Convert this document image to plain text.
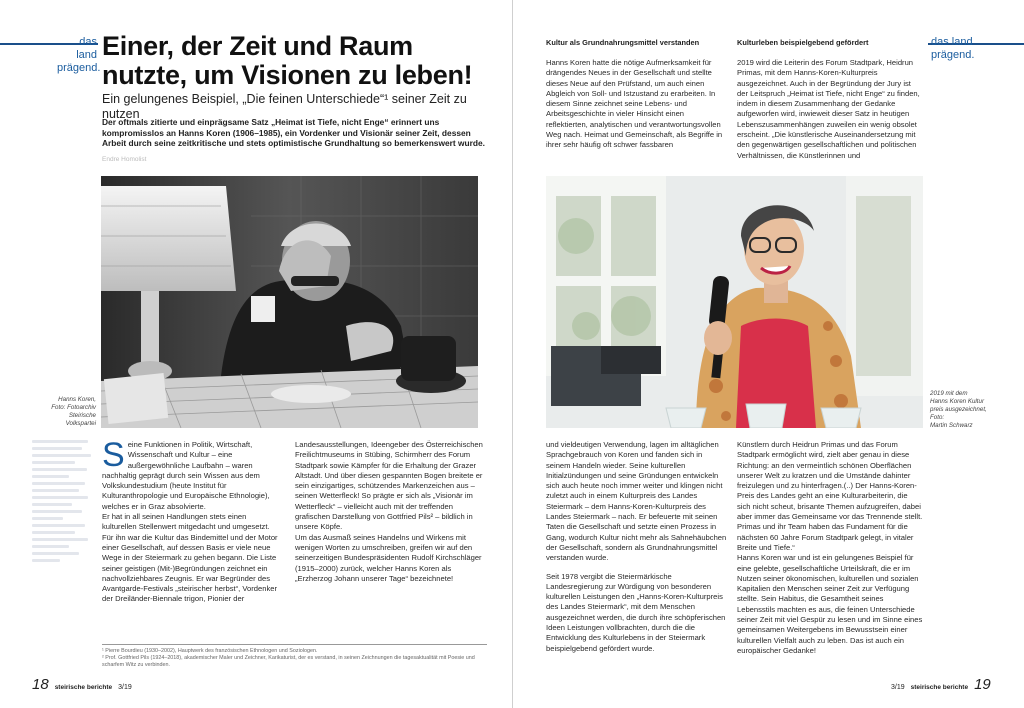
das land
prägend.
Einer, der Zeit und Raum nutzte, um Visionen zu leben!
Ein gelungenes Beispiel, „Die feinen Unterschiede“¹ seiner Zeit zu nutzen
Der oftmals zitierte und einprägsame Satz „Heimat ist Tiefe, nicht Enge“ erinnert uns kompromisslos an Hanns Koren (1906–1985), ein Vordenker und Visionär seiner Zeit, dessen Arbeit durch seine zeitkritische und stets optimistische Grundhaltung so bemerkenswert wurde.
Endre Homolist
Hanns Koren,
Foto: Fotoarchiv
Steirische
Volkspartei
S eine Funktionen in Politik, Wirtschaft, Wissenschaft und Kultur – eine außergewöhnliche Laufbahn – waren nachhaltig geprägt durch sein Wissen aus dem Volkskundestudium (heute Institut für Kulturanthropologie und Europäische Ethnologie), welches er in Graz absolvierte.

Er hat in all seinen Handlungen stets einen kulturellen Stellenwert mitgedacht und umgesetzt. Für ihn war die Kultur das Bindemittel und der Motor einer Gesellschaft, auf dessen Basis er viele neue Wege in der Steiermark zu gehen begann. Die Liste seiner geistigen (Mit-)Begründungen zeichnet ein nachvollziehbares Zeugnis. Er war Begründer des Avantgarde-Festivals „steirischer herbst“, Vordenker der Dreiländer-Biennale trigon, Pionier der

Landesausstellungen, Ideengeber des Österreichischen Freilichtmuseums in Stübing, Schirmherr des Forum Stadtpark sowie Kämpfer für die Erhaltung der Grazer Altstadt. Und über diesen gespannten Bogen breitete er sein einzigartiges, schützendes Markenzeichen aus – seinen Wetterfleck! So prägte er sich als „Visionär im Wetterfleck“ – vielleicht auch mit der treffenden grafischen Darstellung von Gottfried Pils² – bildlich in unsere Köpfe.

Um das Ausmaß seines Handelns und Wirkens mit wenigen Worten zu umschreiben, greifen wir auf den seinerzeitigen Bundespräsidenten Rudolf Kirchschläger (1915–2000) zurück, welcher Hanns Koren als „Erzherzog Johann unserer Tage“ bezeichnete!

¹ Pierre Bourdieu (1930–2002), Hauptwerk des französischen Ethnologen und Soziologen.
² Prof. Gottfried Pils (1924–2018), akademischer Maler und Zeichner, Karikaturist, der es verstand, in seinen Zeichnungen die tagesaktualität mit Poesie und scharfem Witz zu verbinden.
18 steirische berichte 3/19
das land
prägend.
Kultur als Grundnahrungsmittel verstanden	Kulturleben beispielgebend gefördert

Hanns Koren hatte die nötige Aufmerksamkeit für drängendes Neues in der Gesellschaft und stellte dieses Neue auf den Prüfstand, um auch einen Abgleich von Soll- und Istzustand zu erarbeiten. In diesem Sinne zeichnet seine Lebens- und Arbeitsgeschichte in vieler Hinsicht einen reflektierten, analytischen und verantwortungsvollen Weg nach. Heimat und Gemeinschaft, als Begriffe in ihrer sehr häufig oft schwer fassbaren

2019 wird die Leiterin des Forum Stadtpark, Heidrun Primas, mit dem Hanns-Koren-Kulturpreis ausgezeichnet. Auch in der Begründung der Jury ist der Leitspruch „Heimat ist Tiefe, nicht Enge“ zu finden, indem in diesem Zusammenhang der Gedanke aufgeworfen wird, inwieweit dieser Satz in heutigen Lebenszusammenhängen zuweilen ein wenig obsolet erscheint. „Die künstlerische Auseinandersetzung mit den gegenwärtigen gesellschaftlichen und politischen Verhältnissen, die Künstlerinnen und

2019 mit dem
Hanns Koren Kultur
preis ausgezeichnet,
Foto:
Martin Schwarz

und vieldeutigen Verwendung, lagen im alltäglichen Sprachgebrauch von Koren und fanden sich in seinem Handeln wieder. Seine kulturellen Initialzündungen und seine Gründungen entwickeln sich auch heute noch immer weiter und klingen nicht zuletzt auch in einem Kulturpreis des Landes Steiermark – dem Hanns-Koren-Kulturpreis des Landes Steiermark – nach. Er befeuerte mit seinen Taten die Gesellschaft und setzte einen Prozess in Gang, wodurch Kultur nicht mehr als Sahnehäubchen der Gesellschaft, sondern als Grundnahrungsmittel verstanden wurde.

Seit 1978 vergibt die Steiermärkische Landesregierung zur Würdigung von besonderen kulturellen Leistungen den „Hanns-Koren-Kulturpreis des Landes Steiermark“, mit dem Menschen ausgezeichnet werden, die durch ihre schöpferischen Ideen Leistungen vollbrachten, durch die die Entwicklung des Kulturlebens in der Steiermark beispielgebend gefördert wurde.

Künstlern durch Heidrun Primas und das Forum Stadtpark ermöglicht wird, zielt aber genau in diese Richtung: an den vermeintlich schönen Oberflächen unserer Welt zu kratzen und die Umstände dahinter freizulegen und zu hinterfragen.(..) Der Hanns-Koren-Preis des Landes geht an eine Kulturarbeiterin, die sich nicht scheut, brisante Themen aufzugreifen, dabei aber immer das Gemeinsame vor das Trennende stellt. Primas und ihr Team haben das Fundament für die nächsten 60 Jahre Forum Stadtpark gelegt, in vitaler Breite und Tiefe.“

Hanns Koren war und ist ein gelungenes Beispiel für eine gelebte, gesellschaftliche Urteilskraft, die er im Nutzen seiner ökonomischen, kulturellen und sozialen Kapitalien den Menschen seiner Zeit zur Verfügung stellte. Sein Habitus, die Gesamtheit seines Lebensstils machten es aus, die feinen Unterschiede seiner Zeit mit viel Gespür zu lesen und im Sinne eines gemeinsamen Weitergebens im Bewusstsein einer kulturellen Vielfalt auch zu leben. Das ist auch ein europäischer Gedanke!

3/19 steirische berichte 19
